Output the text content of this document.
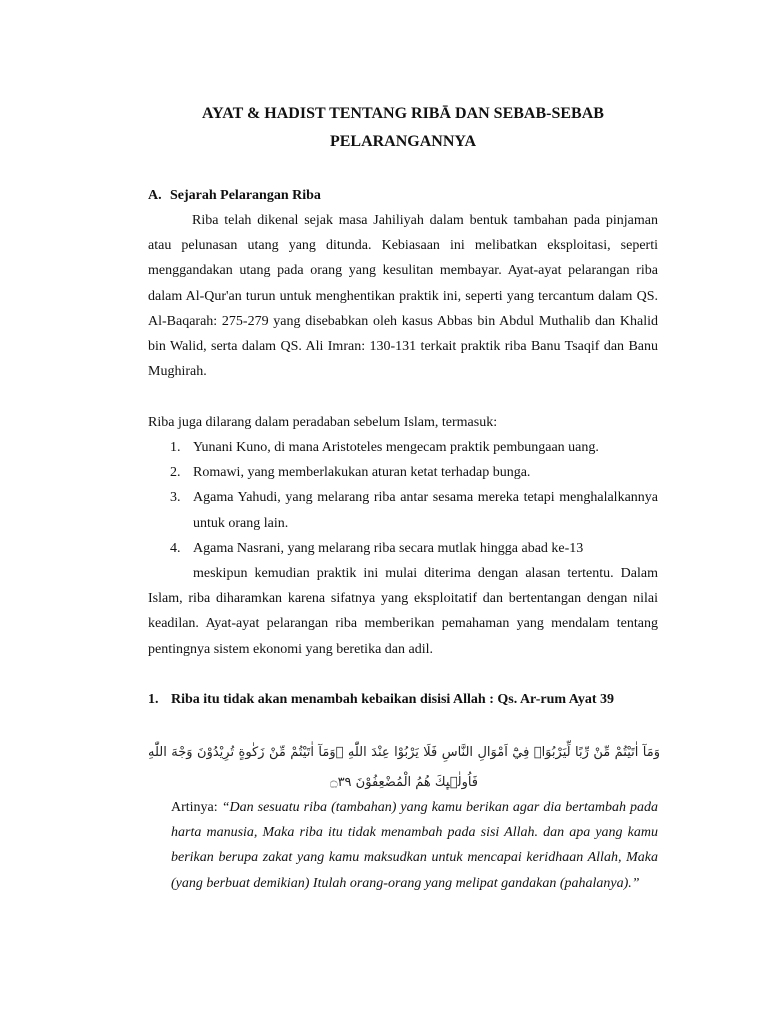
AYAT & HADIST TENTANG RIBĀ DAN SEBAB-SEBAB PELARANGANNYA
A. Sejarah Pelarangan Riba

Riba telah dikenal sejak masa Jahiliyah dalam bentuk tambahan pada pinjaman atau pelunasan utang yang ditunda. Kebiasaan ini melibatkan eksploitasi, seperti menggandakan utang pada orang yang kesulitan membayar. Ayat-ayat pelarangan riba dalam Al-Qur'an turun untuk menghentikan praktik ini, seperti yang tercantum dalam QS. Al-Baqarah: 275-279 yang disebabkan oleh kasus Abbas bin Abdul Muthalib dan Khalid bin Walid, serta dalam QS. Ali Imran: 130-131 terkait praktik riba Banu Tsaqif dan Banu Mughirah.

Riba juga dilarang dalam peradaban sebelum Islam, termasuk:

1. Yunani Kuno, di mana Aristoteles mengecam praktik pembungaan uang.
2. Romawi, yang memberlakukan aturan ketat terhadap bunga.
3. Agama Yahudi, yang melarang riba antar sesama mereka tetapi menghalalkannya untuk orang lain.
4. Agama Nasrani, yang melarang riba secara mutlak hingga abad ke-13

meskipun kemudian praktik ini mulai diterima dengan alasan tertentu. Dalam Islam, riba diharamkan karena sifatnya yang eksploitatif dan bertentangan dengan nilai keadilan. Ayat-ayat pelarangan riba memberikan pemahaman yang mendalam tentang pentingnya sistem ekonomi yang beretika dan adil.

1. Riba itu tidak akan menambah kebaikan disisi Allah : Qs. Ar-rum Ayat 39

وَمَآ اٰتَيْتُمْ مِّنْ رِّبًا لِّيَرْبُوَا۟ فِيْٓ اَمْوَالِ النَّاسِ فَلَا يَرْبُوْا عِنْدَ اللّٰهِ ۚوَمَآ اٰتَيْتُمْ مِّنْ زَكٰوةٍ تُرِيْدُوْنَ وَجْهَ اللّٰهِ فَاُولٰۤىِٕكَ هُمُ الْمُضْعِفُوْنَ ۝٣٩

Artinya: “Dan sesuatu riba (tambahan) yang kamu berikan agar dia bertambah pada harta manusia, Maka riba itu tidak menambah pada sisi Allah. dan apa yang kamu berikan berupa zakat yang kamu maksudkan untuk mencapai keridhaan Allah, Maka (yang berbuat demikian) Itulah orang-orang yang melipat gandakan (pahalanya).”
